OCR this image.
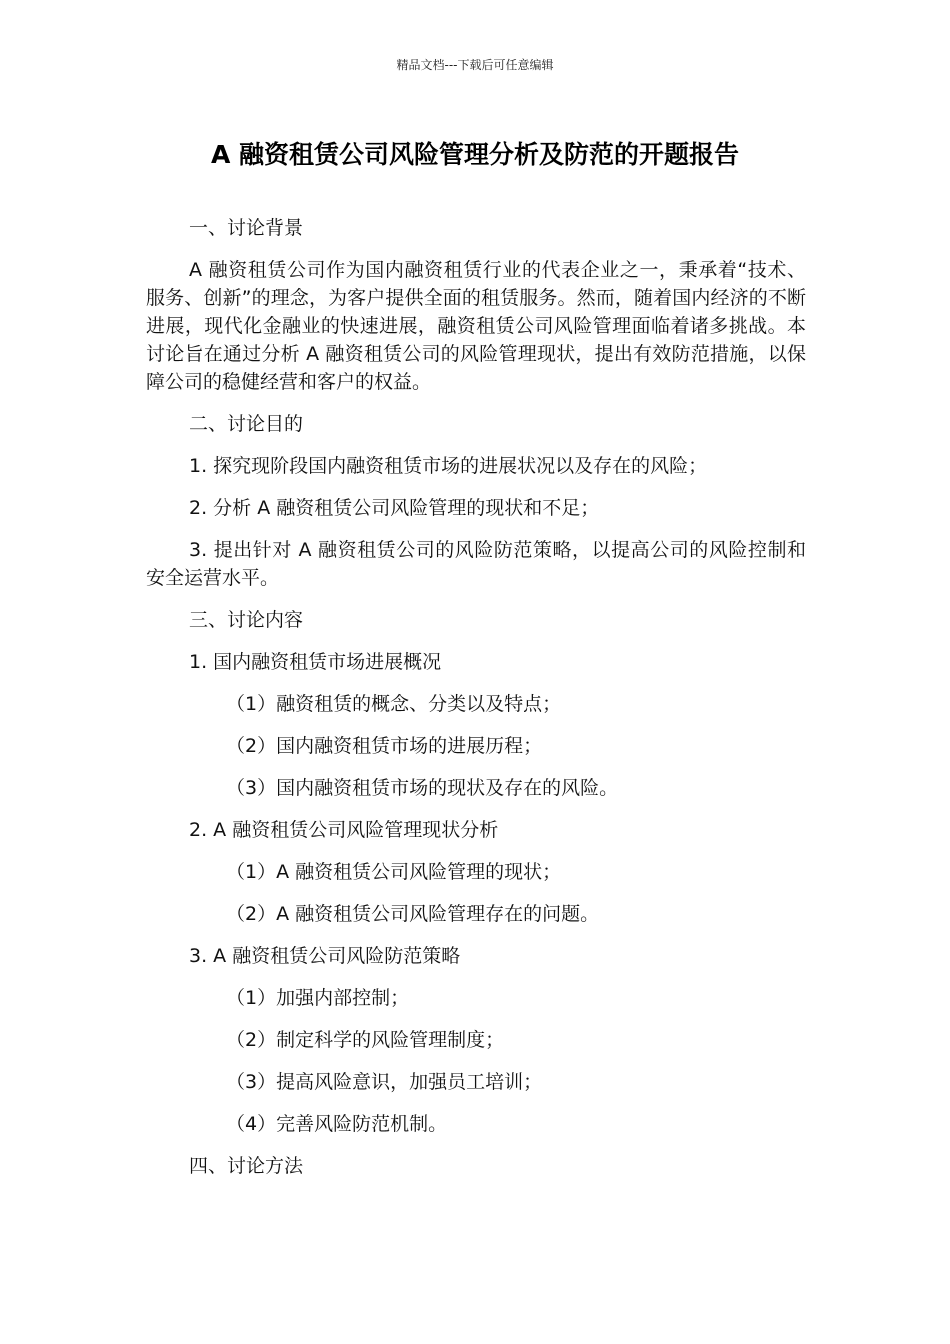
精品文档---下载后可任意编辑
A 融资租赁公司风险管理分析及防范的开题报告
一、讨论背景

A 融资租赁公司作为国内融资租赁行业的代表企业之一，秉承着“技术、服务、创新”的理念，为客户提供全面的租赁服务。然而，随着国内经济的不断进展，现代化金融业的快速进展，融资租赁公司风险管理面临着诸多挑战。本讨论旨在通过分析 A 融资租赁公司的风险管理现状，提出有效防范措施，以保障公司的稳健经营和客户的权益。

二、讨论目的
1. 探究现阶段国内融资租赁市场的进展状况以及存在的风险；
2. 分析 A 融资租赁公司风险管理的现状和不足；

3. 提出针对 A 融资租赁公司的风险防范策略，以提高公司的风险控制和安全运营水平。

三、讨论内容
1. 国内融资租赁市场进展概况
（1）融资租赁的概念、分类以及特点；
（2）国内融资租赁市场的进展历程；
（3）国内融资租赁市场的现状及存在的风险。
2. A 融资租赁公司风险管理现状分析
（1）A 融资租赁公司风险管理的现状；
（2）A 融资租赁公司风险管理存在的问题。
3. A 融资租赁公司风险防范策略
（1）加强内部控制；
（2）制定科学的风险管理制度；
（3）提高风险意识，加强员工培训；
（4）完善风险防范机制。
四、讨论方法
